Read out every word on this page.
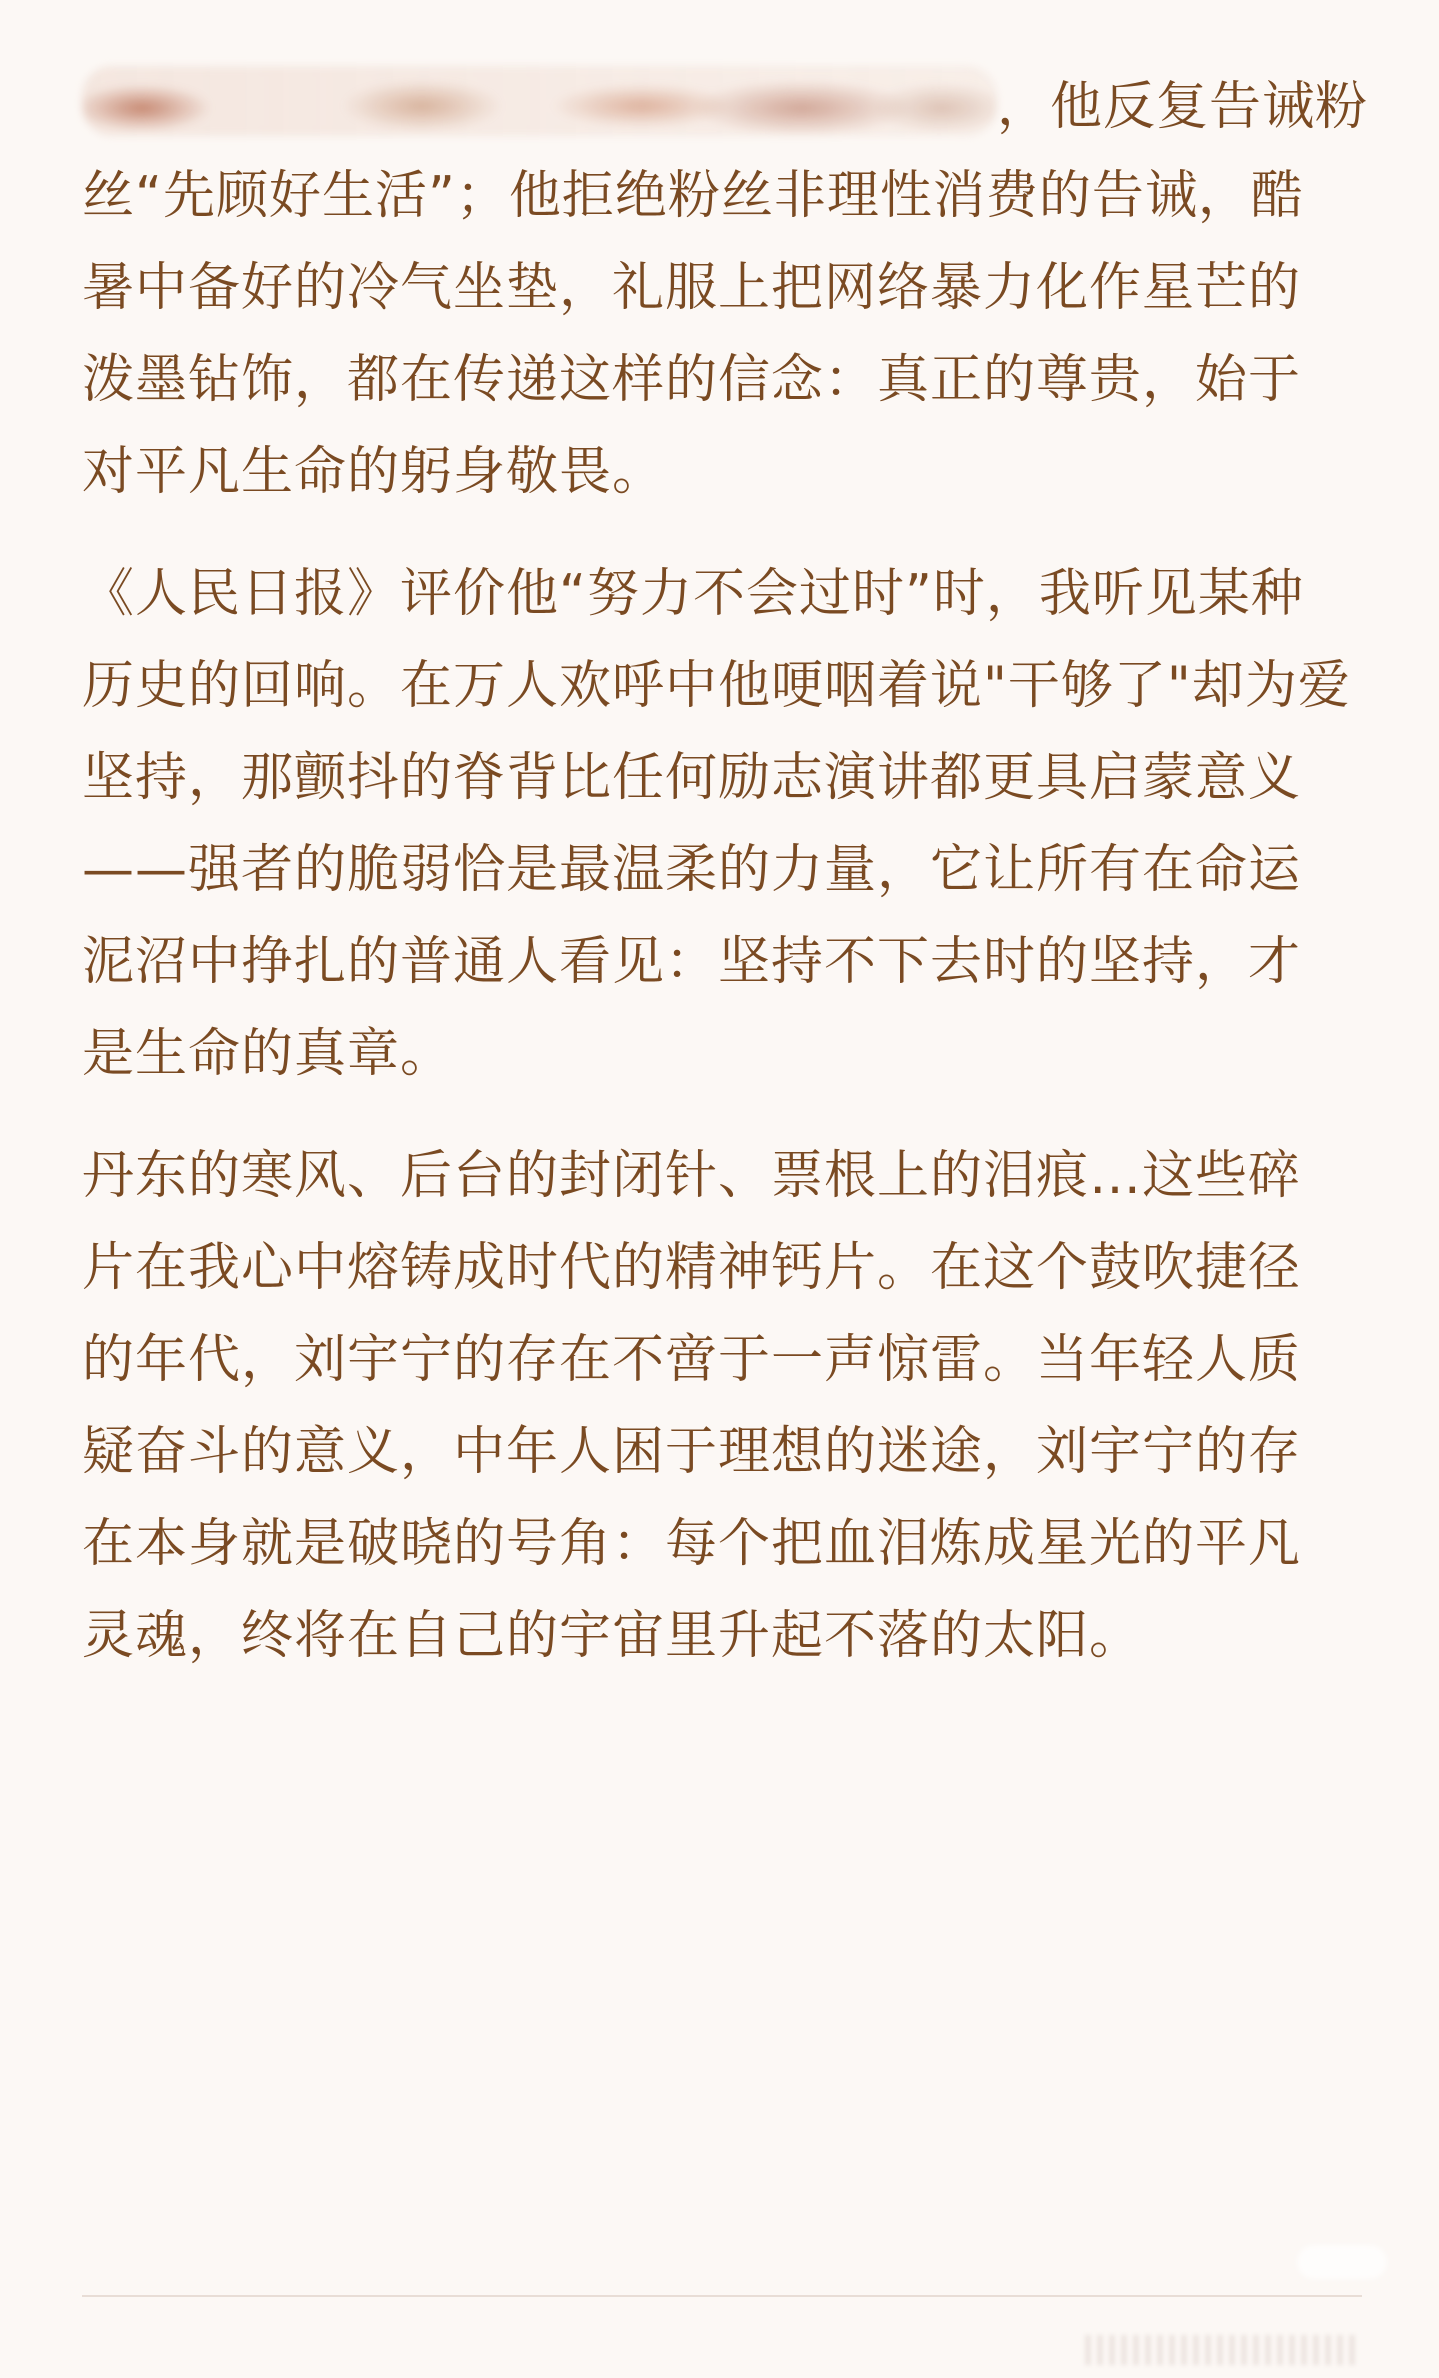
，他反复告诫粉
丝“先顾好生活”；他拒绝粉丝非理性消费的告诫，酷
暑中备好的冷气坐垫，礼服上把网络暴力化作星芒的
泼墨钻饰，都在传递这样的信念：真正的尊贵，始于
对平凡生命的躬身敬畏。

《人民日报》评价他“努力不会过时”时，我听见某种
历史的回响。在万人欢呼中他哽咽着说"干够了"却为爱
坚持，那颤抖的脊背比任何励志演讲都更具启蒙意义
——强者的脆弱恰是最温柔的力量，它让所有在命运
泥沼中挣扎的普通人看见：坚持不下去时的坚持，才
是生命的真章。

丹东的寒风、后台的封闭针、票根上的泪痕…这些碎
片在我心中熔铸成时代的精神钙片。在这个鼓吹捷径
的年代，刘宇宁的存在不啻于一声惊雷。当年轻人质
疑奋斗的意义，中年人困于理想的迷途，刘宇宁的存
在本身就是破晓的号角：每个把血泪炼成星光的平凡
灵魂，终将在自己的宇宙里升起不落的太阳。
